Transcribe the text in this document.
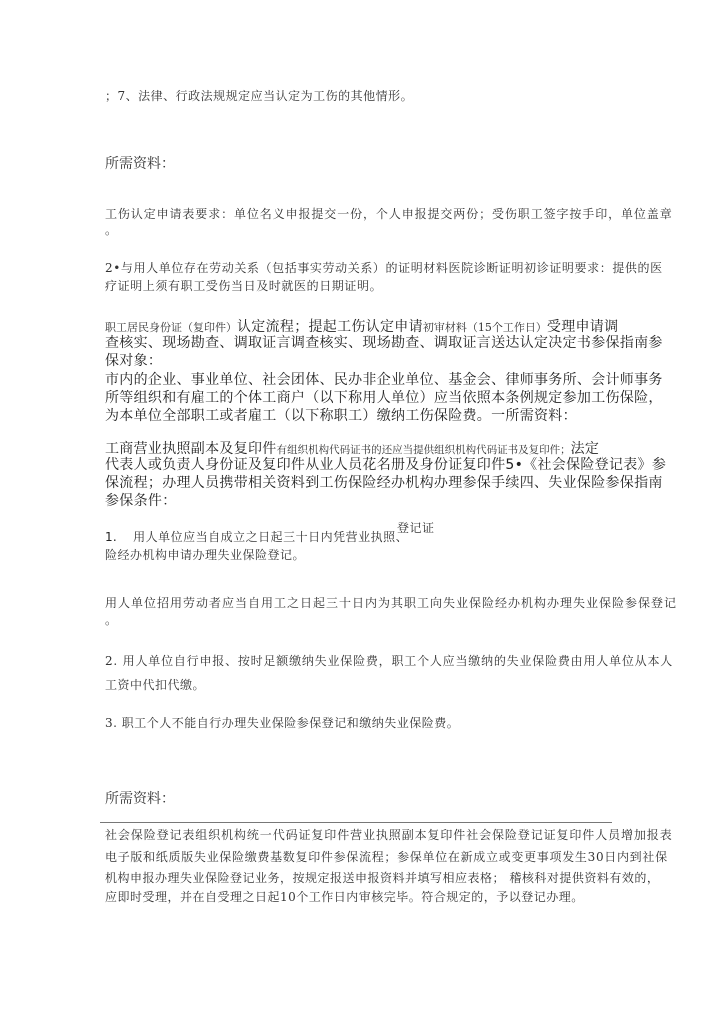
；7、法律、行政法规规定应当认定为工伤的其他情形。
所需资料：
工伤认定申请表要求：单位名义申报提交一份，个人申报提交两份；受伤职工签字按手印，单位盖章
。
2•与用人单位存在劳动关系（包括事实劳动关系）的证明材料医院诊断证明初诊证明要求：提供的医
疗证明上须有职工受伤当日及时就医的日期证明。
职工居民身份证（复印件）认定流程；提起工伤认定申请初审材料（15个工作日）受理申请调
查核实、现场勘查、调取证言调查核实、现场勘查、调取证言送达认定决定书参保指南参
保对象：
市内的企业、事业单位、社会团体、民办非企业单位、基金会、律师事务所、会计师事务
所等组织和有雇工的个体工商户（以下称用人单位）应当依照本条例规定参加工伤保险，
为本单位全部职工或者雇工（以下称职工）缴纳工伤保险费。一所需资料：
工商营业执照副本及复印件有组织机构代码证书的还应当提供组织机构代码证书及复印件；法定
代表人或负责人身份证及复印件从业人员花名册及身份证复印件5•《社会保险登记表》参
保流程；办理人员携带相关资料到工伤保险经办机构办理参保手续四、失业保险参保指南
参保条件：
1. 用人单位应当自成立之日起三十日内凭营业执照、
登记证
险经办机构申请办理失业保险登记。
用人单位招用劳动者应当自用工之日起三十日内为其职工向失业保险经办机构办理失业保险参保登记
。
2. 用人单位自行申报、按时足额缴纳失业保险费，职工个人应当缴纳的失业保险费由用人单位从本人
工资中代扣代缴。
3. 职工个人不能自行办理失业保险参保登记和缴纳失业保险费。
所需资料：
社会保险登记表组织机构统一代码证复印件营业执照副本复印件社会保险登记证复印件人员增加报表
电子版和纸质版失业保险缴费基数复印件参保流程；参保单位在新成立或变更事项发生30日内到社保
机构申报办理失业保险登记业务，按规定报送申报资料并填写相应表格； 稽核科对提供资料有效的，
应即时受理，并在自受理之日起10个工作日内审核完毕。符合规定的，予以登记办理。
